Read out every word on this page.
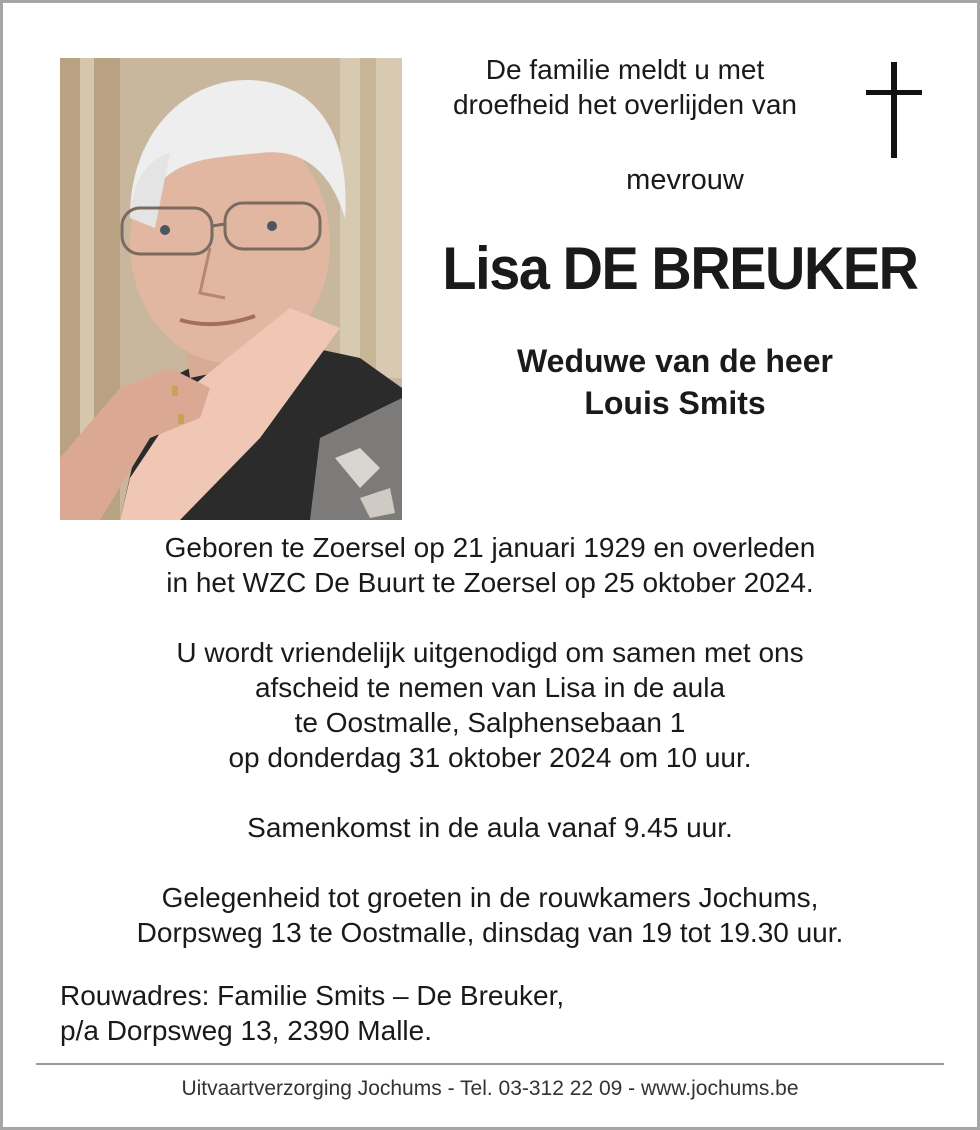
De familie meldt u met
droefheid het overlijden van
mevrouw
Lisa DE BREUKER
Weduwe van de heer
Louis Smits
Geboren te Zoersel op 21 januari 1929 en overleden
in het WZC De Buurt te Zoersel op 25 oktober 2024.
U wordt vriendelijk uitgenodigd om samen met ons
afscheid te nemen van Lisa in de aula
te Oostmalle, Salphensebaan 1
op donderdag 31 oktober 2024 om 10 uur.
Samenkomst in de aula vanaf 9.45 uur.
Gelegenheid tot groeten in de rouwkamers Jochums,
Dorpsweg 13 te Oostmalle, dinsdag van 19 tot 19.30 uur.
Rouwadres: Familie Smits – De Breuker,
p/a Dorpsweg 13, 2390 Malle.
Uitvaartverzorging Jochums - Tel. 03-312 22 09 - www.jochums.be
